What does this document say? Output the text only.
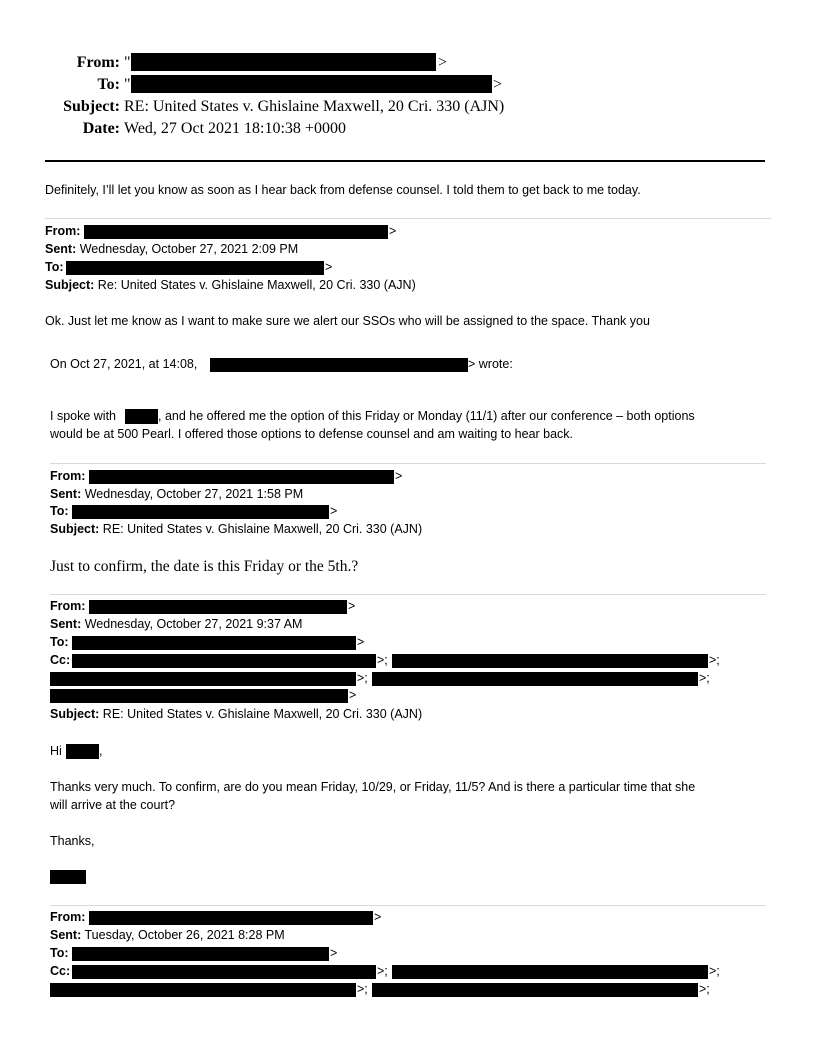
From: "	>
To: "	>
Subject: RE: United States v. Ghislaine Maxwell, 20 Cri. 330 (AJN)
Date: Wed, 27 Oct 2021 18:10:38 +0000
Definitely, I’ll let you know as soon as I hear back from defense counsel. I told them to get back to me today.
From:	>
Sent: Wednesday, October 27, 2021 2:09 PM
To:	>
Subject: Re: United States v. Ghislaine Maxwell, 20 Cri. 330 (AJN)
Ok. Just let me know as I want to make sure we alert our SSOs who will be assigned to the space. Thank you
On Oct 27, 2021, at 14:08,	> wrote:
I spoke with	, and he offered me the option of this Friday or Monday (11/1) after our conference – both options
would be at 500 Pearl. I offered those options to defense counsel and am waiting to hear back.
From:	>
Sent: Wednesday, October 27, 2021 1:58 PM
To:	>
Subject: RE: United States v. Ghislaine Maxwell, 20 Cri. 330 (AJN)
Just to confirm, the date is this Friday or the 5th.?
From:	>
Sent: Wednesday, October 27, 2021 9:37 AM
To:	>
Cc:	>;	>;
>;	>;
>
Subject: RE: United States v. Ghislaine Maxwell, 20 Cri. 330 (AJN)
Hi	,
Thanks very much. To confirm, are do you mean Friday, 10/29, or Friday, 11/5? And is there a particular time that she
will arrive at the court?
Thanks,
From:	>
Sent: Tuesday, October 26, 2021 8:28 PM
To:	>
Cc:	>;	>;
>;	>;
